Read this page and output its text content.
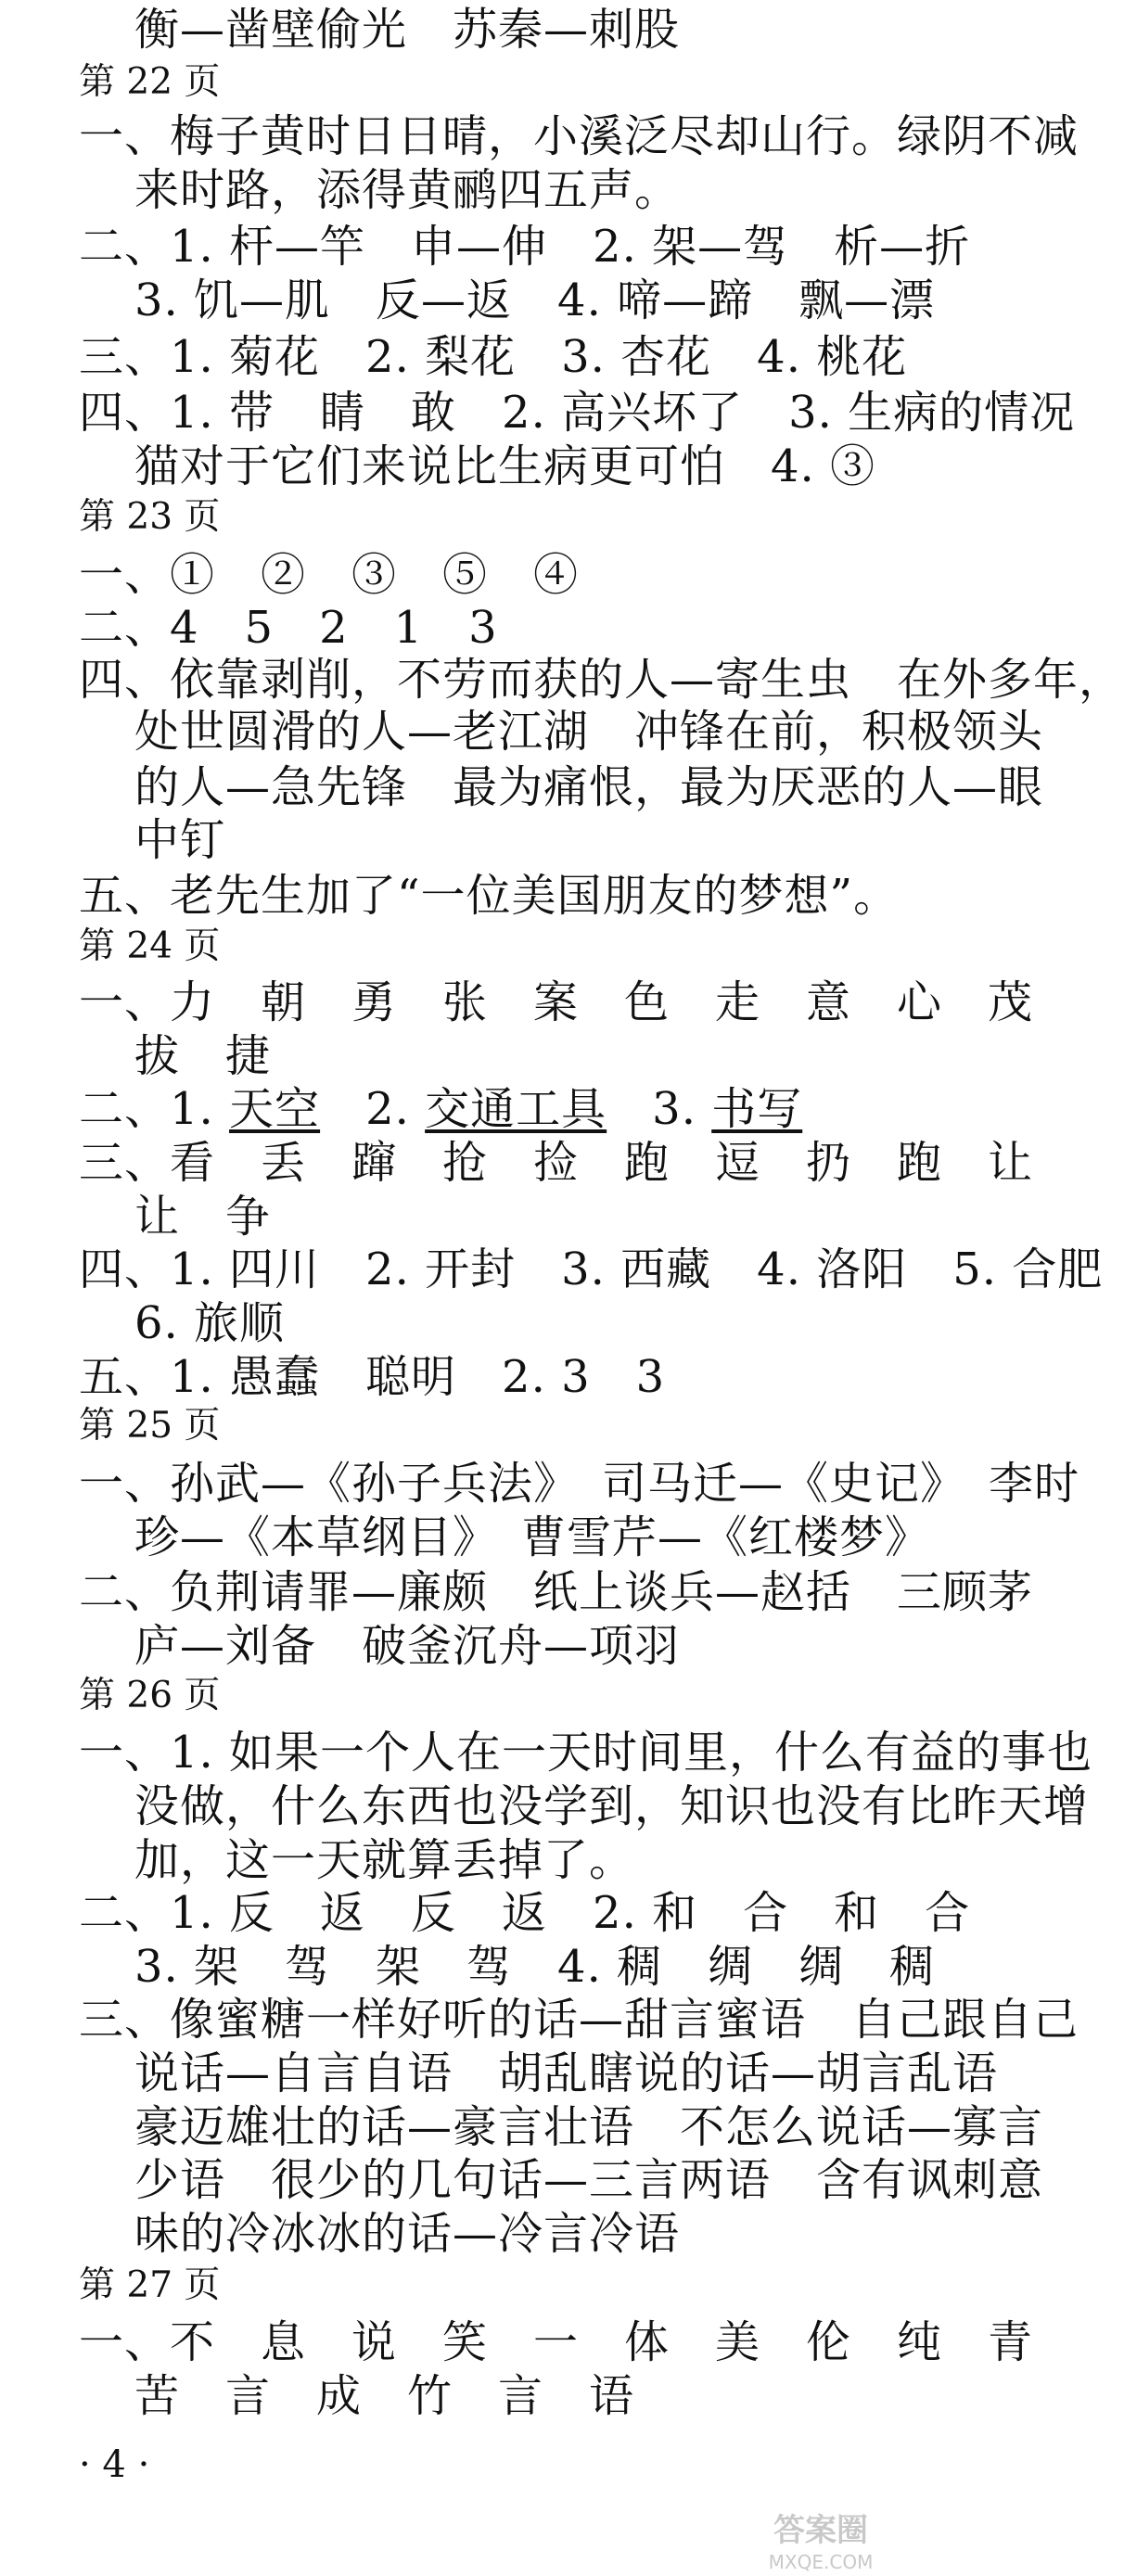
衡—凿壁偷光　苏秦—刺股
第 22 页
一、梅子黄时日日晴，小溪泛尽却山行。绿阴不减
来时路，添得黄鹂四五声。
二、1. 杆—竿　申—伸　2. 架—驾　析—折
3. 饥—肌　反—返　4. 啼—蹄　飘—漂
三、1. 菊花　2. 梨花　3. 杏花　4. 桃花
四、1. 带　睛　敢　2. 高兴坏了　3. 生病的情况
猫对于它们来说比生病更可怕　4. ③
第 23 页
一、①　②　③　⑤　④
二、4　5　2　1　3
四、依靠剥削，不劳而获的人—寄生虫　在外多年，
处世圆滑的人—老江湖　冲锋在前，积极领头
的人—急先锋　最为痛恨，最为厌恶的人—眼
中钉
五、老先生加了“一位美国朋友的梦想”。
第 24 页
一、力　朝　勇　张　案　色　走　意　心　茂
拔　捷
二、1. 天空　2. 交通工具　3. 书写
三、看　丢　蹿　抢　捡　跑　逗　扔　跑　让
让　争
四、1. 四川　2. 开封　3. 西藏　4. 洛阳　5. 合肥
6. 旅顺
五、1. 愚蠢　聪明　2. 3　3
第 25 页
一、孙武—《孙子兵法》　司马迁—《史记》　李时
珍—《本草纲目》　曹雪芹—《红楼梦》
二、负荆请罪—廉颇　纸上谈兵—赵括　三顾茅
庐—刘备　破釜沉舟—项羽
第 26 页
一、1. 如果一个人在一天时间里，什么有益的事也
没做，什么东西也没学到，知识也没有比昨天增
加，这一天就算丢掉了。
二、1. 反　返　反　返　2. 和　合　和　合
3. 架　驾　架　驾　4. 稠　绸　绸　稠
三、像蜜糖一样好听的话—甜言蜜语　自己跟自己
说话—自言自语　胡乱瞎说的话—胡言乱语
豪迈雄壮的话—豪言壮语　不怎么说话—寡言
少语　很少的几句话—三言两语　含有讽刺意
味的冷冰冰的话—冷言冷语
第 27 页
一、不　息　说　笑　一　体　美　伦　纯　青
苦　言　成　竹　言　语
· 4 ·
答案圈
MXQE.COM
